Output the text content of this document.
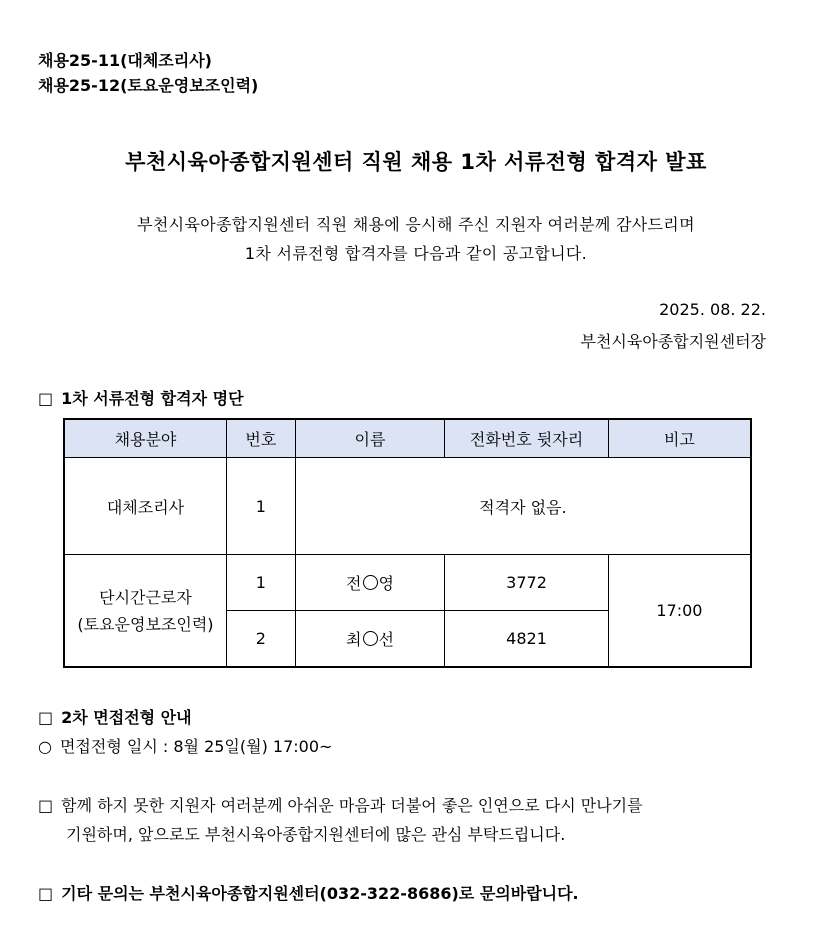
채용25-11(대체조리사)
채용25-12(토요운영보조인력)
부천시육아종합지원센터 직원 채용 1차 서류전형 합격자 발표
부천시육아종합지원센터 직원 채용에 응시해 주신 지원자 여러분께 감사드리며
1차 서류전형 합격자를 다음과 같이 공고합니다.
2025. 08. 22.
부천시육아종합지원센터장
□ 1차 서류전형 합격자 명단
채용분야	번호	이름	전화번호 뒷자리	비고
대체조리사	1	적격자 없음.		

단시간근로자
(토요운영보조인력)	1	전 영	3772	17:00
	2	최 선	4821	
□ 2차 면접전형 안내
○ 면접전형 일시 : 8월 25일(월) 17:00~
□ 함께 하지 못한 지원자 여러분께 아쉬운 마음과 더불어 좋은 인연으로 다시 만나기를
기원하며, 앞으로도 부천시육아종합지원센터에 많은 관심 부탁드립니다.
□ 기타 문의는 부천시육아종합지원센터(032-322-8686)로 문의바랍니다.
